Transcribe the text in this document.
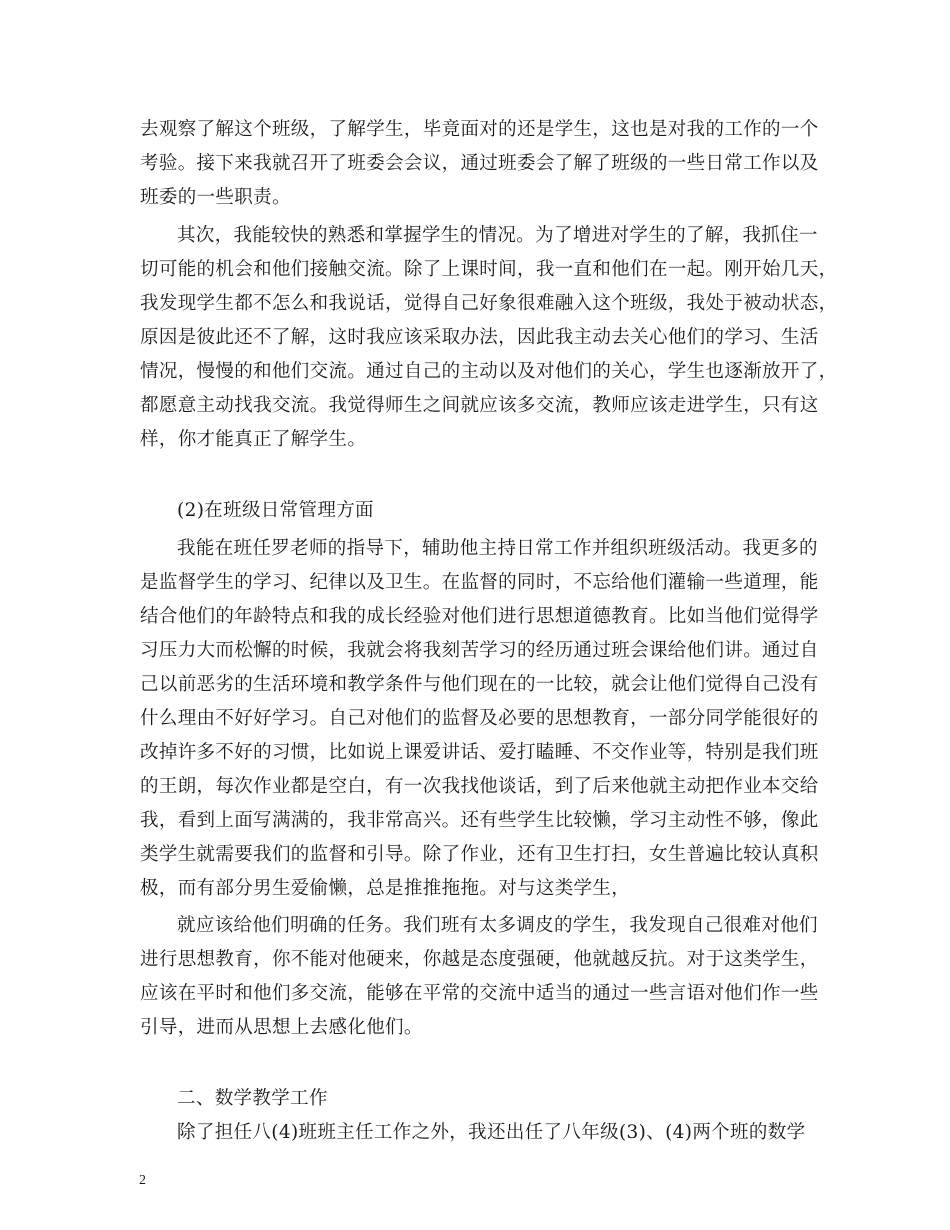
去观察了解这个班级，了解学生，毕竟面对的还是学生，这也是对我的工作的一个
考验。接下来我就召开了班委会会议，通过班委会了解了班级的一些日常工作以及
班委的一些职责。
其次，我能较快的熟悉和掌握学生的情况。为了增进对学生的了解，我抓住一
切可能的机会和他们接触交流。除了上课时间，我一直和他们在一起。刚开始几天，
我发现学生都不怎么和我说话，觉得自己好象很难融入这个班级，我处于被动状态，
原因是彼此还不了解，这时我应该采取办法，因此我主动去关心他们的学习、生活
情况，慢慢的和他们交流。通过自己的主动以及对他们的关心，学生也逐渐放开了，
都愿意主动找我交流。我觉得师生之间就应该多交流，教师应该走进学生，只有这
样，你才能真正了解学生。
(2)在班级日常管理方面
我能在班任罗老师的指导下，辅助他主持日常工作并组织班级活动。我更多的
是监督学生的学习、纪律以及卫生。在监督的同时，不忘给他们灌输一些道理，能
结合他们的年龄特点和我的成长经验对他们进行思想道德教育。比如当他们觉得学
习压力大而松懈的时候，我就会将我刻苦学习的经历通过班会课给他们讲。通过自
己以前恶劣的生活环境和教学条件与他们现在的一比较，就会让他们觉得自己没有
什么理由不好好学习。自己对他们的监督及必要的思想教育，一部分同学能很好的
改掉许多不好的习惯，比如说上课爱讲话、爱打瞌睡、不交作业等，特别是我们班
的王朗，每次作业都是空白，有一次我找他谈话，到了后来他就主动把作业本交给
我，看到上面写满满的，我非常高兴。还有些学生比较懒，学习主动性不够，像此
类学生就需要我们的监督和引导。除了作业，还有卫生打扫，女生普遍比较认真积
极，而有部分男生爱偷懒，总是推推拖拖。对与这类学生，
就应该给他们明确的任务。我们班有太多调皮的学生，我发现自己很难对他们
进行思想教育，你不能对他硬来，你越是态度强硬，他就越反抗。对于这类学生，
应该在平时和他们多交流，能够在平常的交流中适当的通过一些言语对他们作一些
引导，进而从思想上去感化他们。
二、数学教学工作
除了担任八(4)班班主任工作之外，我还出任了八年级(3)、(4)两个班的数学
2
